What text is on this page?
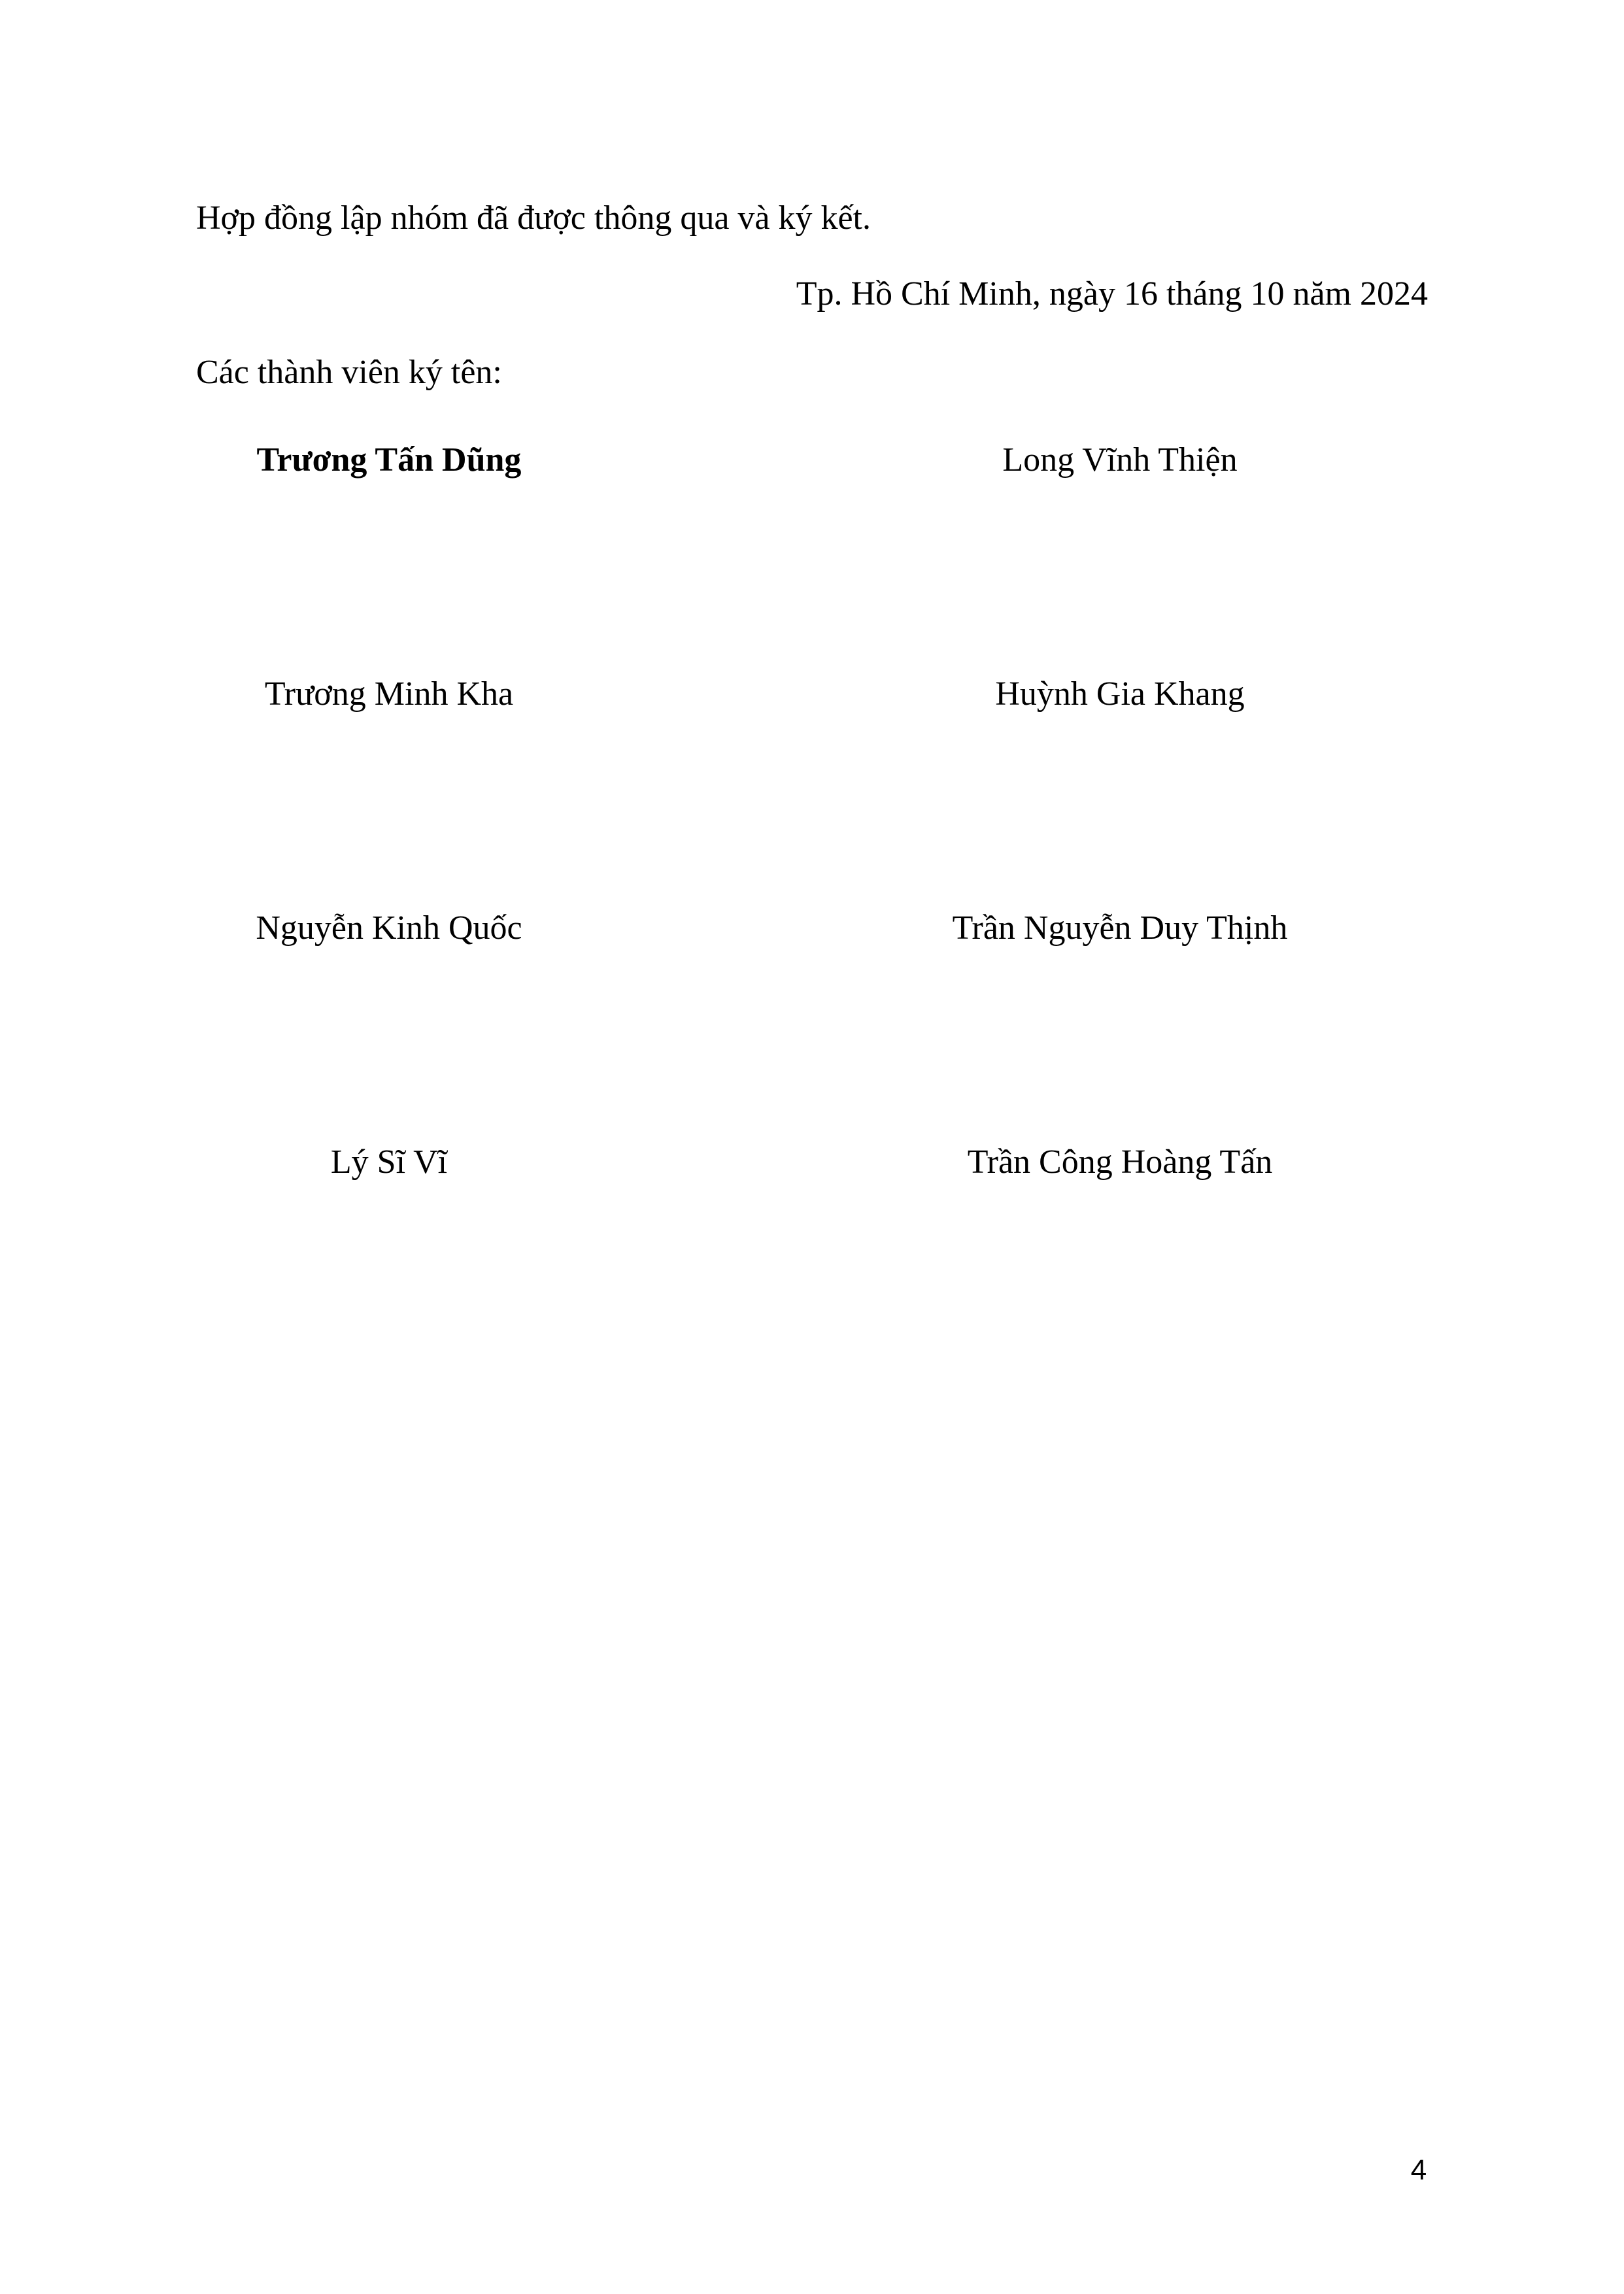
Hợp đồng lập nhóm đã được thông qua và ký kết.
Tp. Hồ Chí Minh, ngày 16 tháng 10 năm 2024
Các thành viên ký tên:
Trương Tấn Dũng	Long Vĩnh Thiện
Trương Minh Kha	Huỳnh Gia Khang
Nguyễn Kinh Quốc	Trần Nguyễn Duy Thịnh
Lý Sĩ Vĩ	Trần Công Hoàng Tấn
4
